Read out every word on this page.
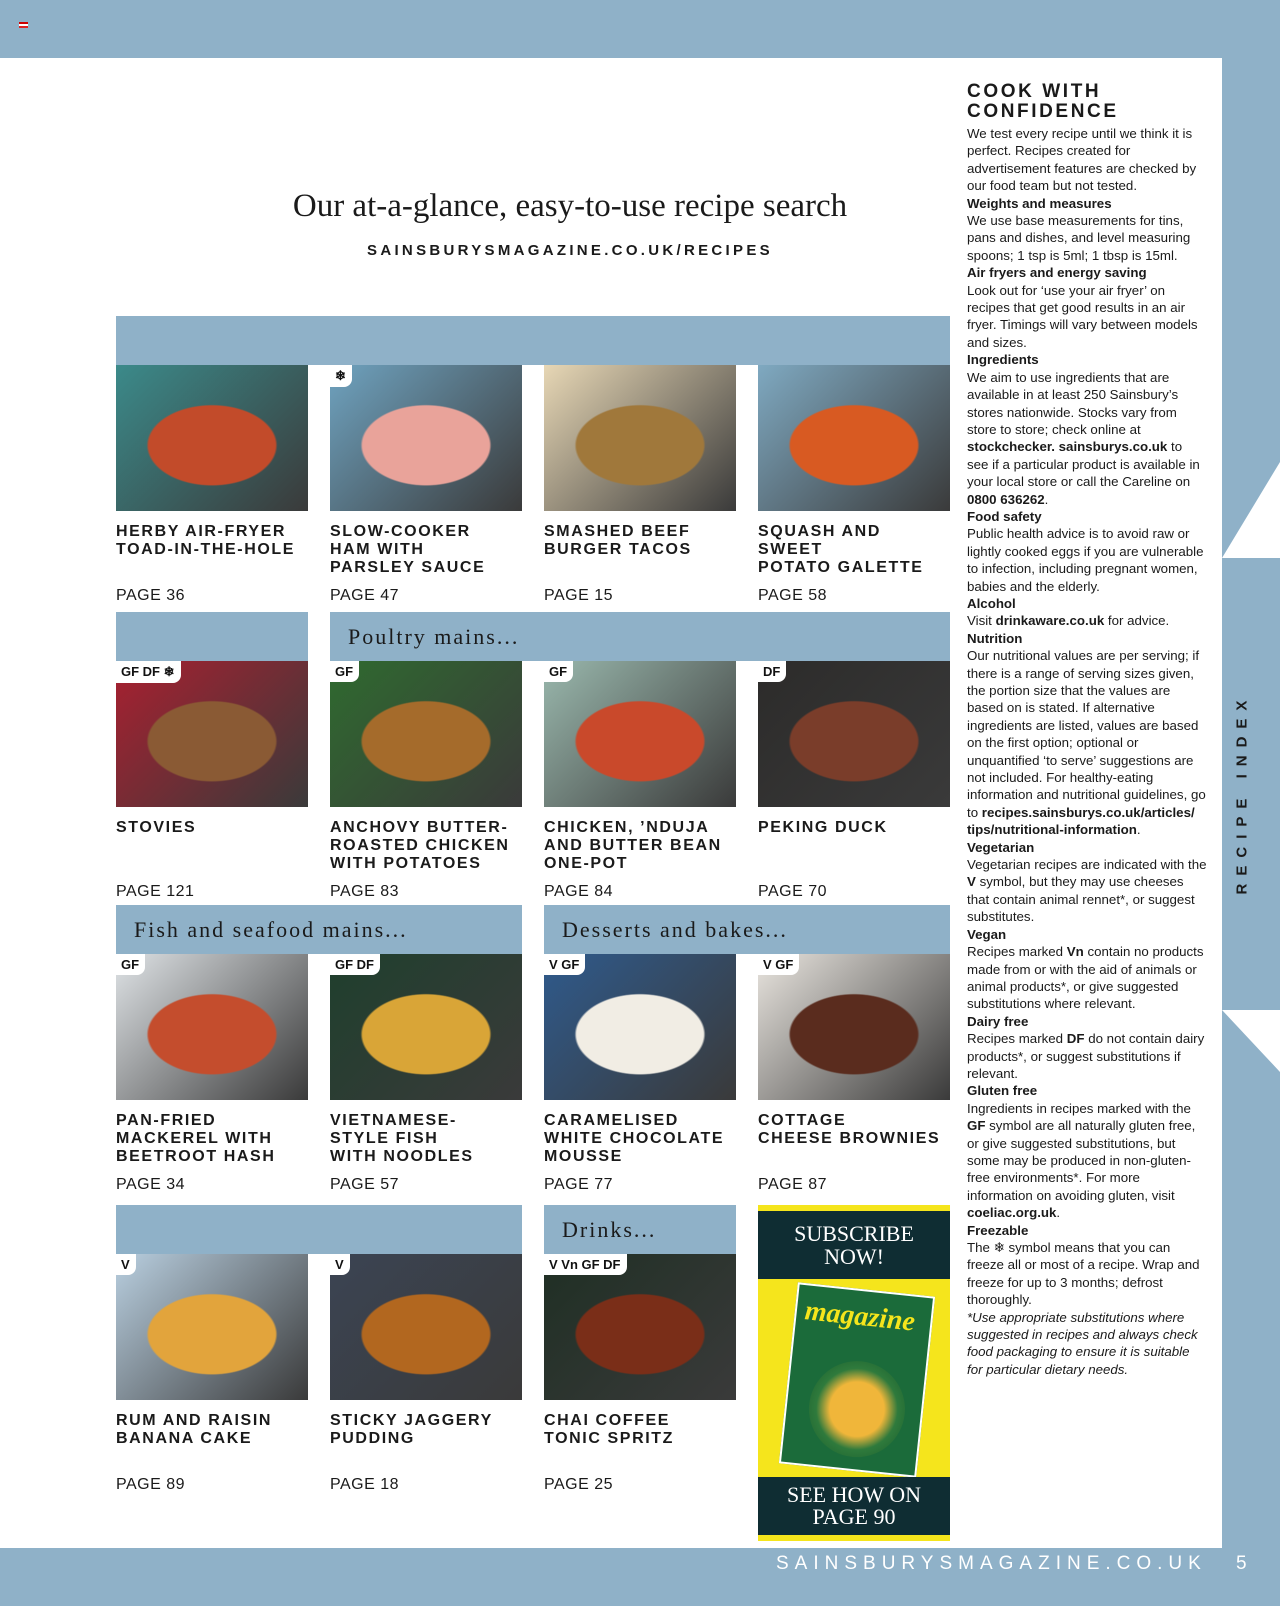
Our at-a-glance, easy-to-use recipe search
SAINSBURYSMAGAZINE.CO.UK/RECIPES
Poultry mains...
Fish and seafood mains...	Desserts and bakes...
Drinks...
HERBY AIR-FRYER
TOAD-IN-THE-HOLE
PAGE 36
❄
SLOW-COOKER
HAM WITH
PARSLEY SAUCE
PAGE 47
SMASHED BEEF
BURGER TACOS
PAGE 15
SQUASH AND SWEET
POTATO GALETTE
PAGE 58
GF DF ❄
STOVIES
PAGE 121
GF
ANCHOVY BUTTER-
ROASTED CHICKEN
WITH POTATOES
PAGE 83
GF
CHICKEN, ’NDUJA
AND BUTTER BEAN
ONE-POT
PAGE 84
DF
PEKING DUCK
PAGE 70
GF
PAN-FRIED
MACKEREL WITH
BEETROOT HASH
PAGE 34
GF DF
VIETNAMESE-
STYLE FISH
WITH NOODLES
PAGE 57
V GF
CARAMELISED
WHITE CHOCOLATE
MOUSSE
PAGE 77
V GF
COTTAGE
CHEESE BROWNIES
PAGE 87
V
RUM AND RAISIN
BANANA CAKE
PAGE 89
V
STICKY JAGGERY
PUDDING
PAGE 18
V Vn GF DF
CHAI COFFEE
TONIC SPRITZ
PAGE 25
SUBSCRIBE
NOW!
magazine
SEE HOW ON
PAGE 90
COOK WITH CONFIDENCE
We test every recipe until we think it is perfect. Recipes created for advertisement features are checked by our food team but not tested.
Weights and measures
We use base measurements for tins, pans and dishes, and level measuring spoons; 1 tsp is 5ml; 1 tbsp is 15ml.
Air fryers and energy saving
Look out for ‘use your air fryer’ on recipes that get good results in an air fryer. Timings will vary between models and sizes.
Ingredients
We aim to use ingredients that are available in at least 250 Sainsbury’s stores nationwide. Stocks vary from store to store; check online at stockchecker. sainsburys.co.uk to see if a particular product is available in your local store or call the Careline on 0800 636262.
Food safety
Public health advice is to avoid raw or lightly cooked eggs if you are vulnerable to infection, including pregnant women, babies and the elderly.
Alcohol
Visit drinkaware.co.uk for advice.
Nutrition
Our nutritional values are per serving; if there is a range of serving sizes given, the portion size that the values are based on is stated. If alternative ingredients are listed, values are based on the first option; optional or unquantified ‘to serve’ suggestions are not included. For healthy-eating information and nutritional guidelines, go to recipes.sainsburys.co.uk/articles/ tips/nutritional-information.
Vegetarian
Vegetarian recipes are indicated with the V symbol, but they may use cheeses that contain animal rennet*, or suggest substitutes.
Vegan
Recipes marked Vn contain no products made from or with the aid of animals or animal products*, or give suggested substitutions where relevant.
Dairy free
Recipes marked DF do not contain dairy products*, or suggest substitutions if relevant.
Gluten free
Ingredients in recipes marked with the GF symbol are all naturally gluten free, or give suggested substitutions, but some may be produced in non-gluten-free environments*. For more information on avoiding gluten, visit coeliac.org.uk.
Freezable
The ❄ symbol means that you can freeze all or most of a recipe. Wrap and freeze for up to 3 months; defrost thoroughly.
*Use appropriate substitutions where suggested in recipes and always check food packaging to ensure it is suitable for particular dietary needs.
RECIPE INDEX
SAINSBURYSMAGAZINE.CO.UK 5
